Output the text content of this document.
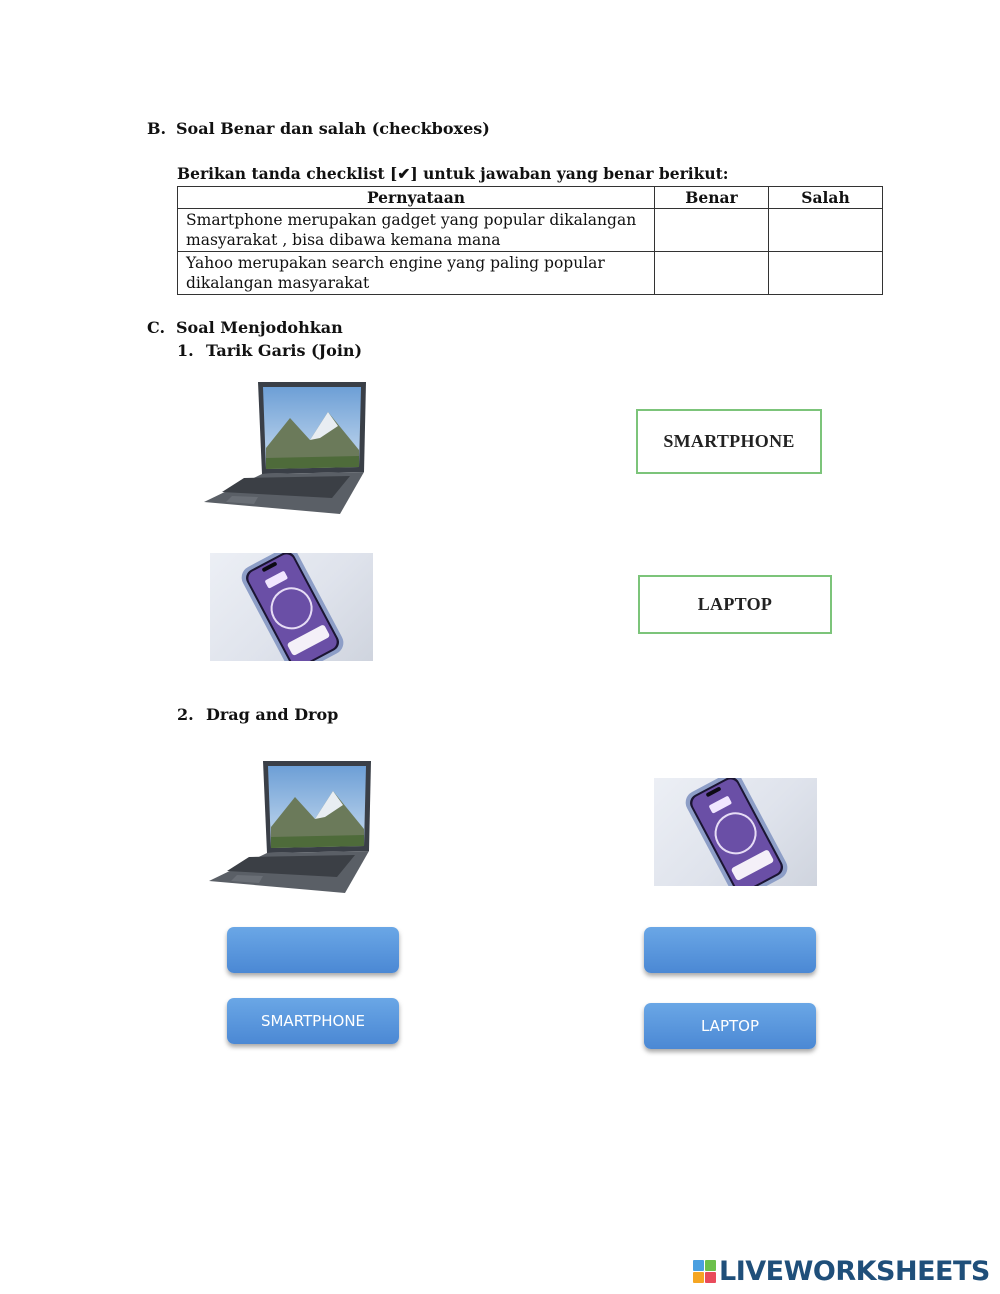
B. Soal Benar dan salah (checkboxes)
Berikan tanda checklist [✔] untuk jawaban yang benar berikut:
Pernyataan	Benar	Salah
Smartphone merupakan gadget yang popular dikalangan masyarakat , bisa dibawa kemana mana		
Yahoo merupakan search engine yang paling popular dikalangan masyarakat		
C. Soal Menjodohkan
1. Tarik Garis (Join)
SMARTPHONE
LAPTOP
2. Drag and Drop
SMARTPHONE	LAPTOP
LIVEWORKSHEETS
